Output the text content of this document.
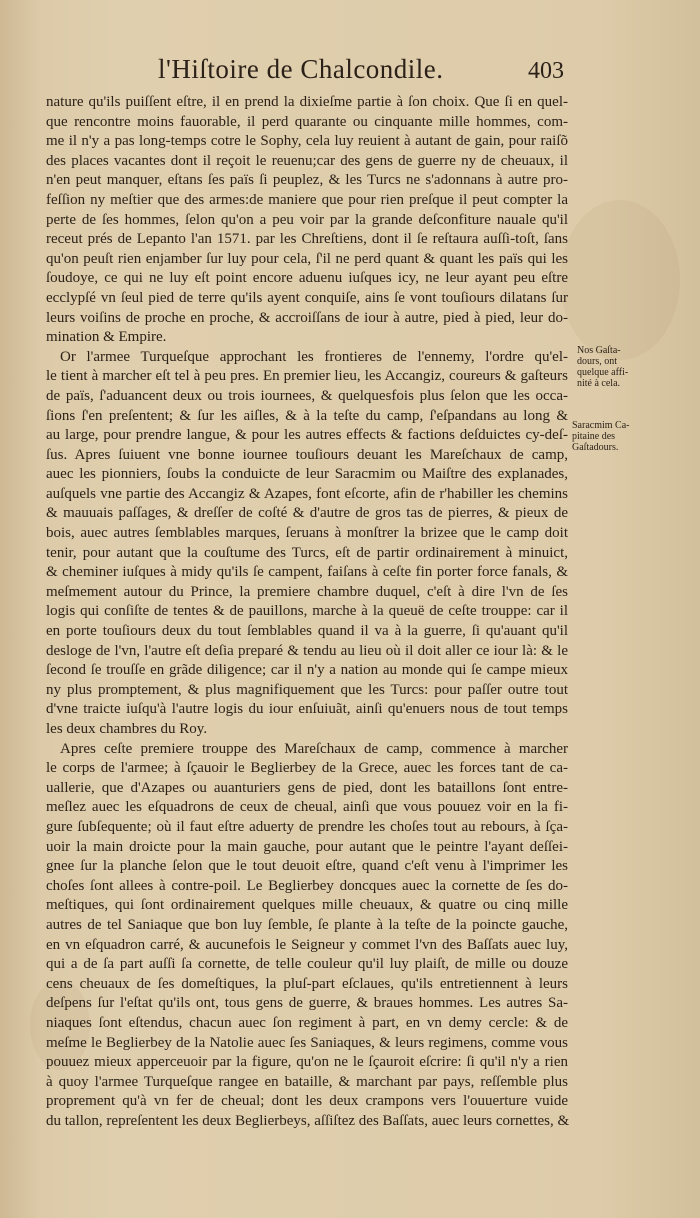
l'Hiſtoire de Chalcondile.	403
nature qu'ils puiſſent eſtre, il en prend la dixieſme partie à ſon choix. Que ſi en quel-
que rencontre moins fauorable, il perd quarante ou cinquante mille hommes, com-
me il n'y a pas long-temps cotre le Sophy, cela luy reuient à autant de gain, pour raiſõ
des places vacantes dont il reçoit le reuenu;car des gens de guerre ny de cheuaux, il
n'en peut manquer, eſtans ſes païs ſi peuplez, & les Turcs ne s'adonnans à autre pro-
feſſion ny meſtier que des armes:de maniere que pour rien preſque il peut compter la
perte de ſes hommes, ſelon qu'on a peu voir par la grande deſconfiture nauale qu'il
receut prés de Lepanto l'an 1571. par les Chreſtiens, dont il ſe reſtaura auſſi-toſt, ſans
qu'on peuſt rien enjamber ſur luy pour cela, ſ'il ne perd quant & quant les païs qui les
ſoudoye, ce qui ne luy eſt point encore aduenu iuſques icy, ne leur ayant peu eſtre
ecclypſé vn ſeul pied de terre qu'ils ayent conquiſe, ains ſe vont touſiours dilatans ſur
leurs voiſins de proche en proche, & accroiſſans de iour à autre, pied à pied, leur do-
mination & Empire.
Or l'armee Turqueſque approchant les frontieres de l'ennemy, l'ordre qu'el-
le tient à marcher eſt tel à peu pres. En premier lieu, les Accangiz, coureurs & gaſteurs
de païs, ſ'aduancent deux ou trois iournees, & quelquesfois plus ſelon que les occa-
ſions ſ'en preſentent; & ſur les aiſles, & à la teſte du camp, ſ'eſpandans au long &
au large, pour prendre langue, & pour les autres effects & factions deſduictes cy-deſ-
ſus. Apres ſuiuent vne bonne iournee touſiours deuant les Mareſchaux de camp,
auec les pionniers, ſoubs la conduicte de leur Saracmim ou Maiſtre des explanades,
auſquels vne partie des Accangiz & Azapes, font eſcorte, afin de r'habiller les chemins
& mauuais paſſages, & dreſſer de coſté & d'autre de gros tas de pierres, & pieux de
bois, auec autres ſemblables marques, ſeruans à monſtrer la brizee que le camp doit
tenir, pour autant que la couſtume des Turcs, eſt de partir ordinairement à minuict,
& cheminer iuſques à midy qu'ils ſe campent, faiſans à ceſte fin porter force fanals, &
meſmement autour du Prince, la premiere chambre duquel, c'eſt à dire l'vn de ſes
logis qui conſiſte de tentes & de pauillons, marche à la queuë de ceſte trouppe: car il
en porte touſiours deux du tout ſemblables quand il va à la guerre, ſi qu'auant qu'il
desloge de l'vn, l'autre eſt deſia preparé & tendu au lieu où il doit aller ce iour là: & le
ſecond ſe trouſſe en grãde diligence; car il n'y a nation au monde qui ſe campe mieux
ny plus promptement, & plus magnifiquement que les Turcs: pour paſſer outre tout
d'vne traicte iuſqu'à l'autre logis du iour enſuiuãt, ainſi qu'enuers nous de tout temps
les deux chambres du Roy.
Apres ceſte premiere trouppe des Mareſchaux de camp, commence à marcher
le corps de l'armee; à ſçauoir le Beglierbey de la Grece, auec les forces tant de ca-
uallerie, que d'Azapes ou auanturiers gens de pied, dont les bataillons ſont entre-
meſlez auec les eſquadrons de ceux de cheual, ainſi que vous pouuez voir en la fi-
gure ſubſequente; où il faut eſtre aduerty de prendre les choſes tout au rebours, à ſça-
uoir la main droicte pour la main gauche, pour autant que le peintre l'ayant deſſei-
gnee ſur la planche ſelon que le tout deuoit eſtre, quand c'eſt venu à l'imprimer les
choſes ſont allees à contre-poil. Le Beglierbey doncques auec la cornette de ſes do-
meſtiques, qui ſont ordinairement quelques mille cheuaux, & quatre ou cinq mille
autres de tel Saniaque que bon luy ſemble, ſe plante à la teſte de la poincte gauche,
en vn eſquadron carré, & aucunefois le Seigneur y commet l'vn des Baſſats auec luy,
qui a de ſa part auſſi ſa cornette, de telle couleur qu'il luy plaiſt, de mille ou douze
cens cheuaux de ſes domeſtiques, la pluſ-part eſclaues, qu'ils entretiennent à leurs
deſpens ſur l'eſtat qu'ils ont, tous gens de guerre, & braues hommes. Les autres Sa-
niaques ſont eſtendus, chacun auec ſon regiment à part, en vn demy cercle: & de
meſme le Beglierbey de la Natolie auec ſes Saniaques, & leurs regimens, comme vous
pouuez mieux apperceuoir par la figure, qu'on ne le ſçauroit eſcrire: ſi qu'il n'y a rien
à quoy l'armee Turqueſque rangee en bataille, & marchant par pays, reſſemble plus
proprement qu'à vn fer de cheual; dont les deux crampons vers l'ouuerture vuide
du tallon, repreſentent les deux Beglierbeys, aſſiſtez des Baſſats, auec leurs cornettes, &
Nos Gaſta-
dours, ont
quelque affi-
nité à cela.
Saracmim Ca-
pitaine des
Gaſtadours.
